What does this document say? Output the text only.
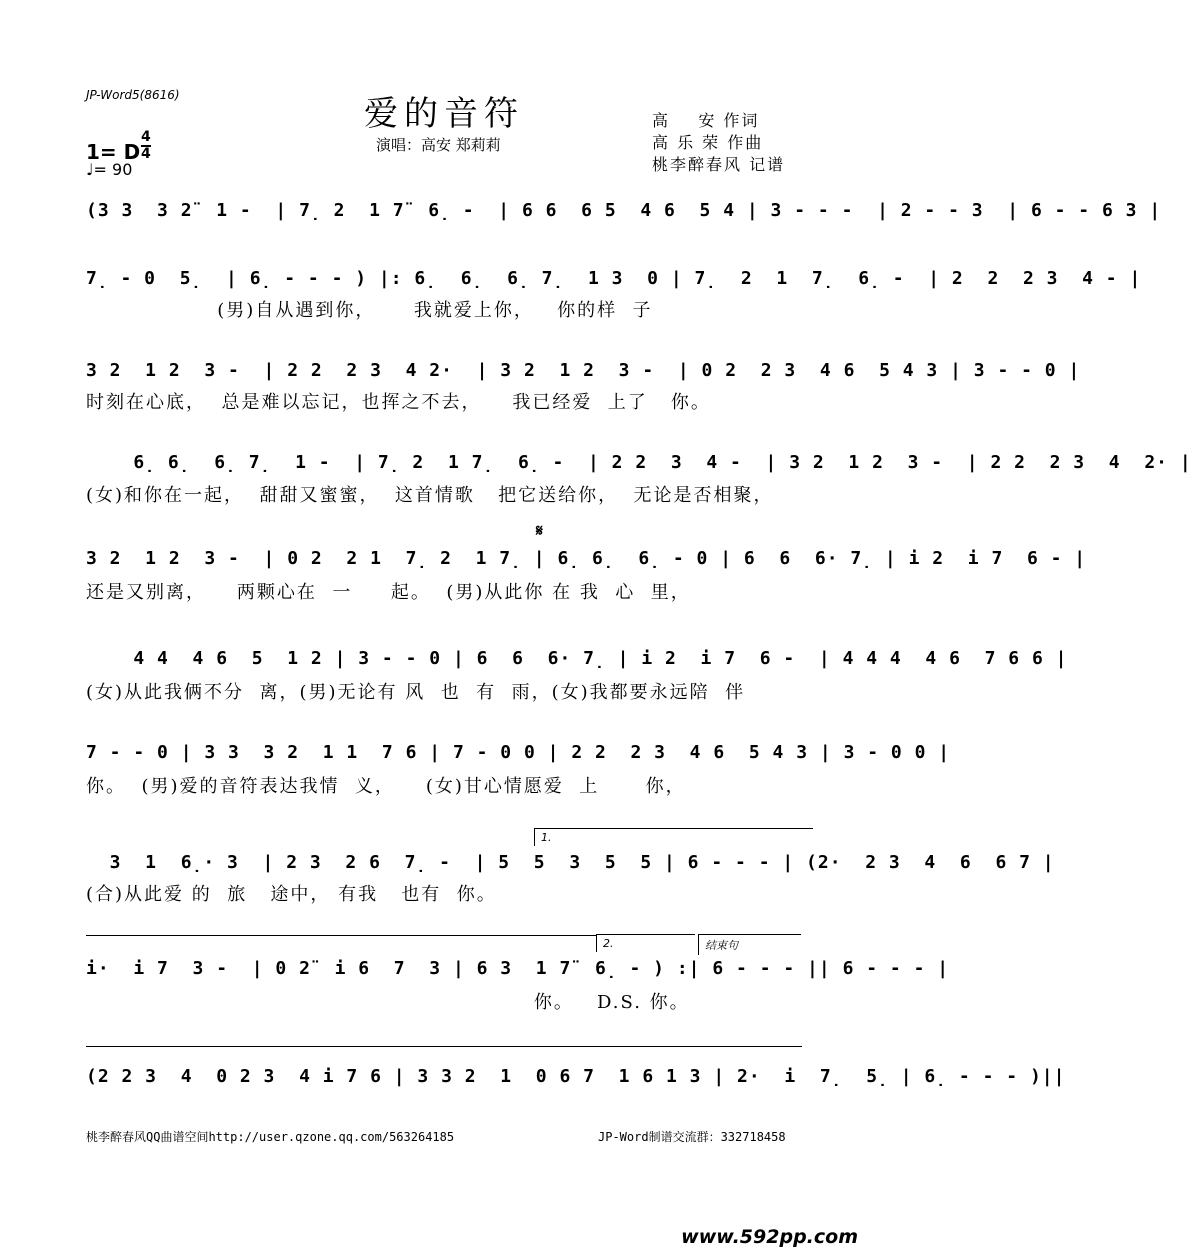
JP-Word5(8616)	爱的音符
演唱：高安 郑莉莉
高    安 作词
高 乐 荣 作曲
桃李醉春风 记谱
1= D $\frac{4}{4}$
♩= 90
(3 3  3 2̈  1 -  | 7̣ 2  1 7̈  6̣ -  | 6 6  6 5  4 6  5 4 | 3 - - -  | 2 - - 3  | 6 - - 6 3 |
7̣ - 0  5̣  | 6̣ - - - ) |: 6̣  6̣  6̣ 7̣  1 3  0 | 7̣  2  1  7̣  6̣ -  | 2  2  2 3  4 - |
(男)自从遇到你，     我就爱上你，   你的样  子
3 2  1 2  3 -  | 2 2  2 3  4 2·  | 3 2  1 2  3 -  | 0 2  2 3  4 6  5 4 3 | 3 - - 0 |
时刻在心底，  总是难以忘记，也挥之不去，    我已经爱  上了   你。
6̣ 6̣  6̣ 7̣  1 -  | 7̣ 2  1 7̣  6̣ -  | 2 2  3  4 -  | 3 2  1 2  3 -  | 2 2  2 3  4  2· |
(女)和你在一起，  甜甜又蜜蜜，  这首情歌   把它送给你，  无论是否相聚，
𝄋
3 2  1 2  3 -  | 0 2  2 1  7̣ 2  1 7̣ | 6̣ 6̣  6̣ - 0 | 6  6  6· 7̣ | i 2  i 7  6 - |
还是又别离，    两颗心在  一     起。  (男)从此你 在 我  心  里，
4 4  4 6  5  1 2 | 3 - - 0 | 6  6  6· 7̣ | i 2  i 7  6 -  | 4 4 4  4 6  7 6 6 |
(女)从此我俩不分  离，(男)无论有 风  也  有  雨，(女)我都要永远陪  伴
7 - - 0 | 3 3  3 2  1 1  7 6 | 7 - 0 0 | 2 2  2 3  4 6  5 4 3 | 3 - 0 0 |
你。  (男)爱的音符表达我情  义，    (女)甘心情愿爱  上      你，
1.
3  1  6̣· 3  | 2 3  2 6  7̣ -  | 5  5  3  5  5 | 6 - - - | (2·  2 3  4  6  6 7 |
(合)从此爱 的  旅   途中， 有我   也有  你。
2.	结束句
i·  i 7  3 -  | 0 2̈  i 6  7  3 | 6 3  1 7̈  6̣ - ) :| 6 - - - || 6 - - - |
你。   D.S. 你。
(2 2 3  4  0 2 3  4 i 7 6 | 3 3 2  1  0 6 7  1 6 1 3 | 2·  i  7̣  5̣ | 6̣ - - - )||
桃李醉春风QQ曲谱空间http://user.qzone.qq.com/563264185	JP-Word制谱交流群：332718458
www.592pp.com
